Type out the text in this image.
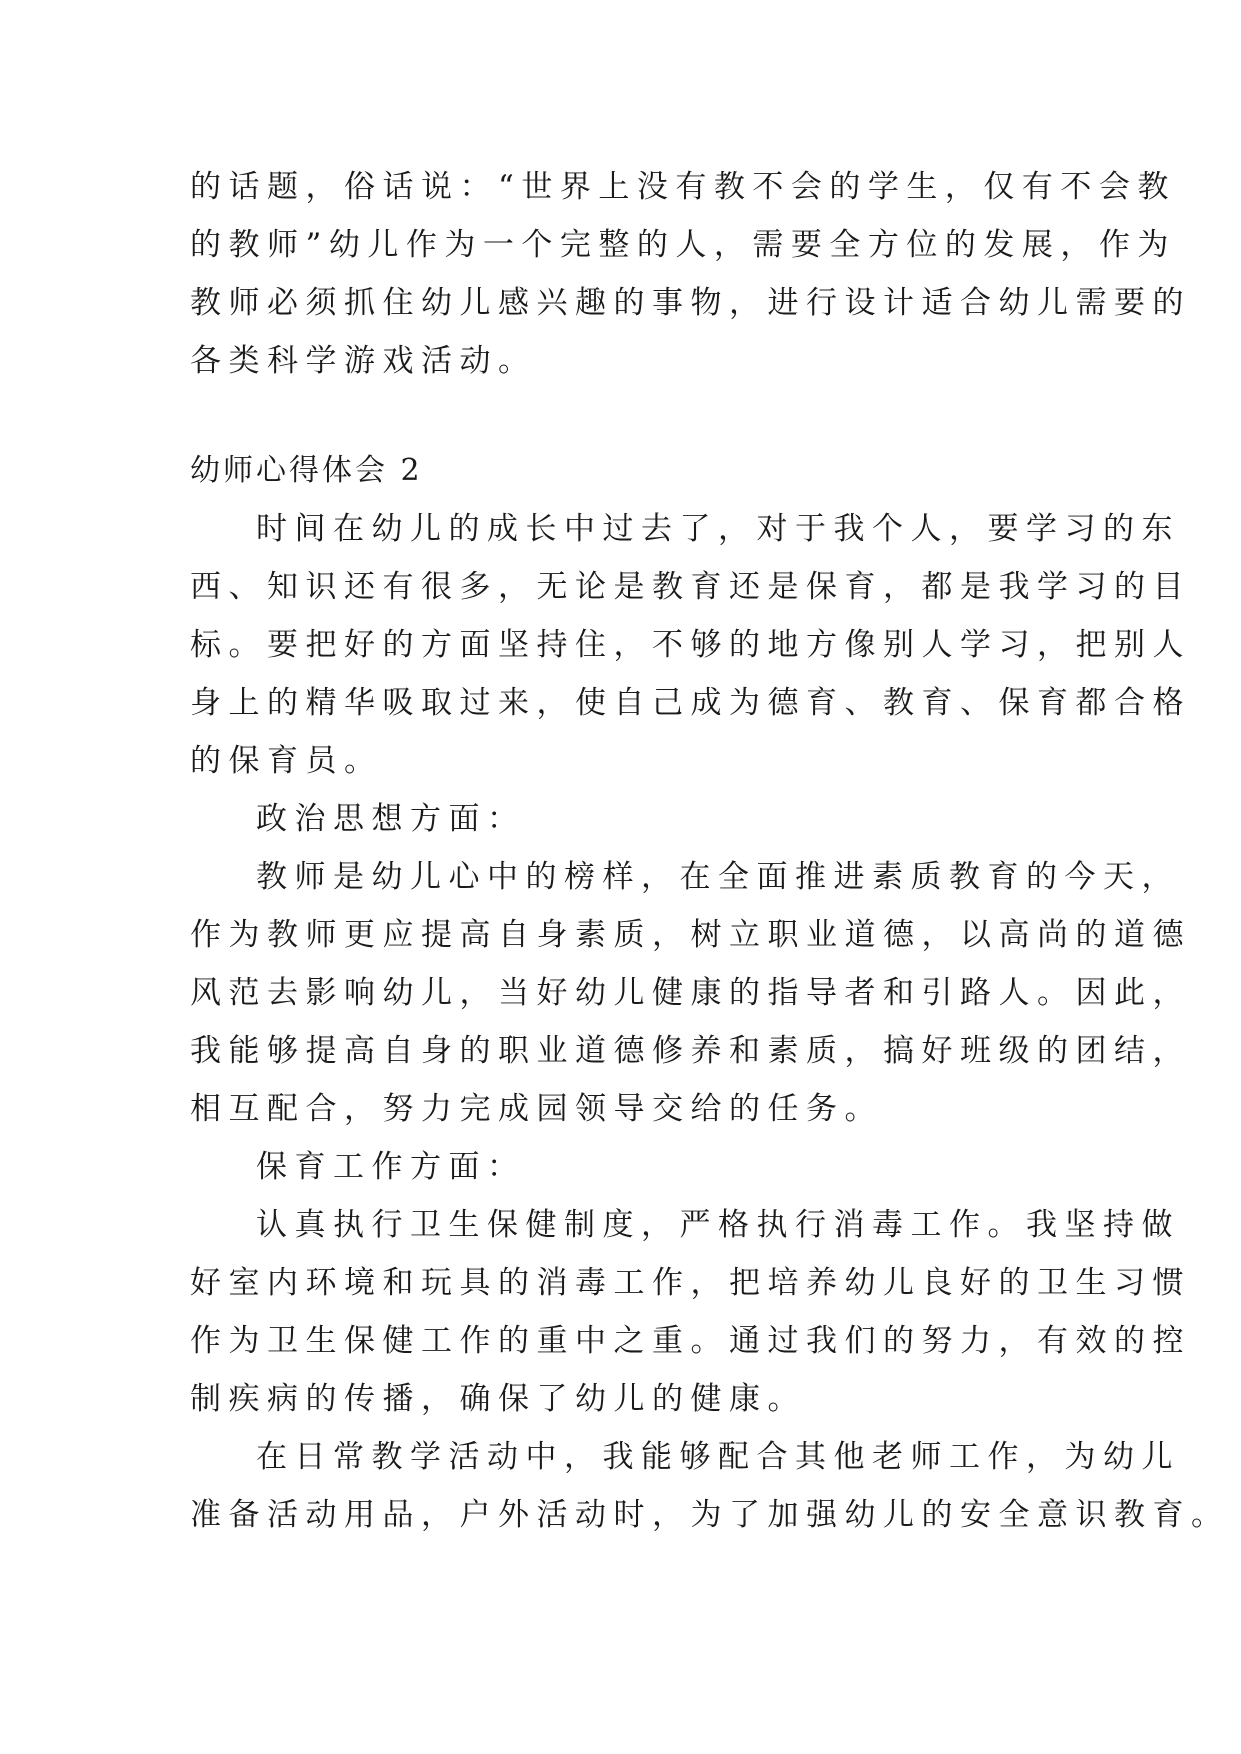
的话题，俗话说：“世界上没有教不会的学生，仅有不会教
的教师”幼儿作为一个完整的人，需要全方位的发展，作为
教师必须抓住幼儿感兴趣的事物，进行设计适合幼儿需要的
各类科学游戏活动。
幼师心得体会 2
时间在幼儿的成长中过去了，对于我个人，要学习的东
西、知识还有很多，无论是教育还是保育，都是我学习的目
标。要把好的方面坚持住，不够的地方像别人学习，把别人
身上的精华吸取过来，使自己成为德育、教育、保育都合格
的保育员。
政治思想方面：
教师是幼儿心中的榜样，在全面推进素质教育的今天，
作为教师更应提高自身素质，树立职业道德，以高尚的道德
风范去影响幼儿，当好幼儿健康的指导者和引路人。因此，
我能够提高自身的职业道德修养和素质，搞好班级的团结，
相互配合，努力完成园领导交给的任务。
保育工作方面：
认真执行卫生保健制度，严格执行消毒工作。我坚持做
好室内环境和玩具的消毒工作，把培养幼儿良好的卫生习惯
作为卫生保健工作的重中之重。通过我们的努力，有效的控
制疾病的传播，确保了幼儿的健康。
在日常教学活动中，我能够配合其他老师工作，为幼儿
准备活动用品，户外活动时，为了加强幼儿的安全意识教育。
